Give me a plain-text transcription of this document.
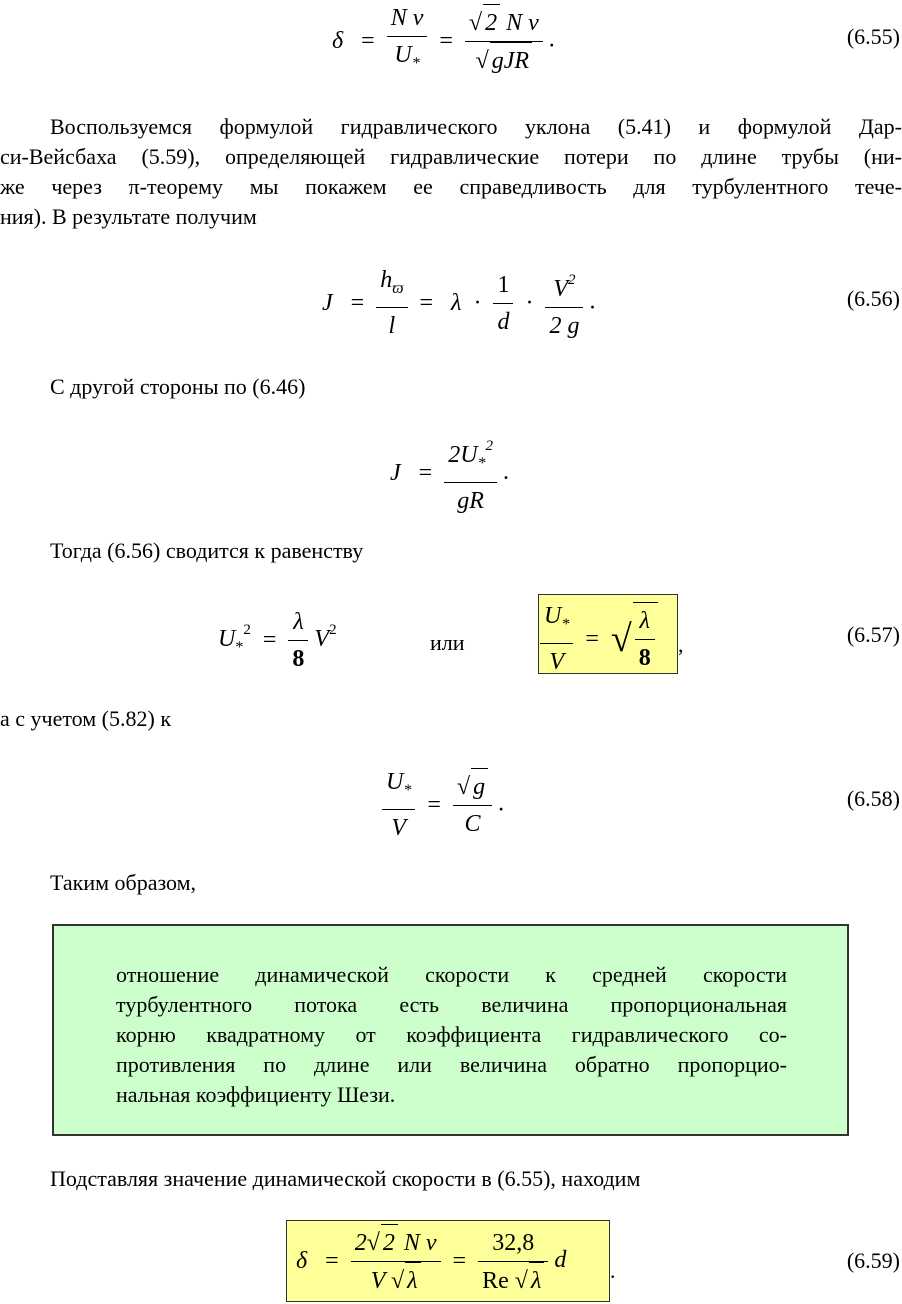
$\delta = \frac{\text{N ν}}{U_*} = \frac{\text{√ 2 N ν}}{\text{√ gJR}}$ .	(6.55)
Воспользуемся формулой гидравлического уклона (5.41) и формулой Дар-
си-Вейсбаха (5.59), определяющей гидравлические потери по длине трубы (ни-
же через π-теорему мы покажем ее справедливость для турбулентного тече-
ния). В результате получим
$J = \frac{h_ϖ}{l} = \lambda \cdot \frac{1}{d} \cdot \frac{V^2}{2 g}$ .	(6.56)
С другой стороны по (6.46)
$J = \frac{2U_*^2}{gR}$ .
Тогда (6.56) сводится к равенству
$U_*^2 = \frac{\lambda}{8} V^2$	или	$\frac{U_*}{V}$ = √ $\frac{\lambda}{8}$ ,	(6.57)
а с учетом (5.82) к
$\frac{U_*}{V} = \frac{√ g}{C}$ .	(6.58)
Таким образом,
отношение динамической скорости к средней скорости
турбулентного потока есть величина пропорциональная
корню квадратному от коэффициента гидравлического со-
противления по длине или величина обратно пропорцио-
нальная коэффициенту Шези.
Подставляя значение динамической скорости в (6.55), находим
$\delta = \frac{\text{2√ 2 N ν}}{V √ \lambda} = \frac{32,8}{Re √ \lambda}$ d .	(6.59)
